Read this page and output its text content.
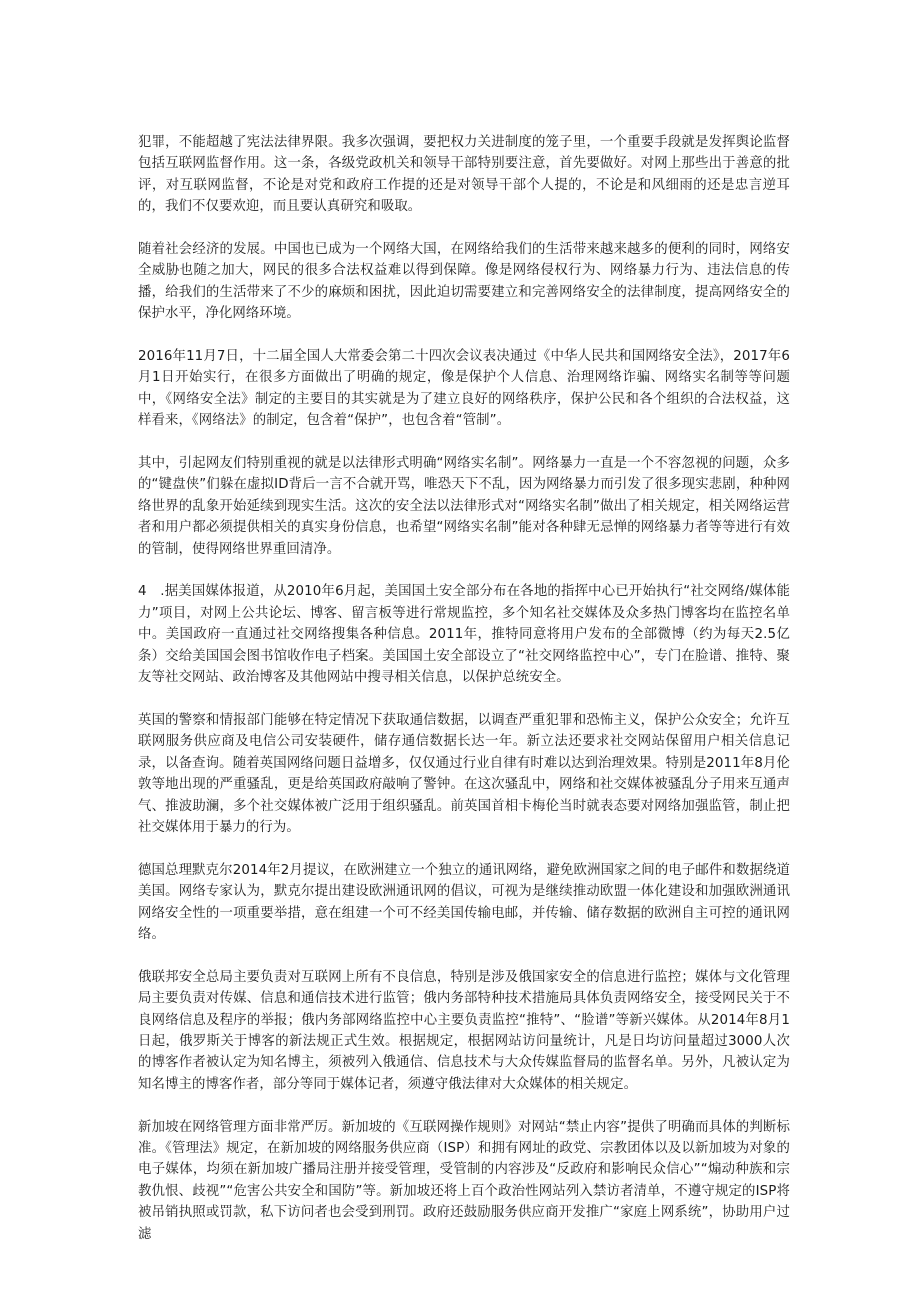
犯罪，不能超越了宪法法律界限。我多次强调，要把权力关进制度的笼子里，一个重要手段就是发挥舆论监督包括互联网监督作用。这一条，各级党政机关和领导干部特别要注意，首先要做好。对网上那些出于善意的批评，对互联网监督，不论是对党和政府工作提的还是对领导干部个人提的，不论是和风细雨的还是忠言逆耳的，我们不仅要欢迎，而且要认真研究和吸取。

随着社会经济的发展。中国也已成为一个网络大国，在网络给我们的生活带来越来越多的便利的同时，网络安全威胁也随之加大，网民的很多合法权益难以得到保障。像是网络侵权行为、网络暴力行为、违法信息的传播，给我们的生活带来了不少的麻烦和困扰，因此迫切需要建立和完善网络安全的法律制度，提高网络安全的保护水平，净化网络环境。

2016年11月7日，十二届全国人大常委会第二十四次会议表决通过《中华人民共和国网络安全法》，2017年6月1日开始实行，在很多方面做出了明确的规定，像是保护个人信息、治理网络诈骗、网络实名制等等问题中，《网络安全法》制定的主要目的其实就是为了建立良好的网络秩序，保护公民和各个组织的合法权益，这样看来，《网络法》的制定，包含着“保护”，也包含着“管制”。

其中，引起网友们特别重视的就是以法律形式明确“网络实名制”。网络暴力一直是一个不容忽视的问题，众多的“键盘侠”们躲在虚拟ID背后一言不合就开骂，唯恐天下不乱，因为网络暴力而引发了很多现实悲剧，种种网络世界的乱象开始延续到现实生活。这次的安全法以法律形式对“网络实名制”做出了相关规定，相关网络运营者和用户都必须提供相关的真实身份信息，也希望“网络实名制”能对各种肆无忌惮的网络暴力者等等进行有效的管制，使得网络世界重回清净。

4　.据美国媒体报道，从2010年6月起，美国国土安全部分布在各地的指挥中心已开始执行“社交网络/媒体能力”项目，对网上公共论坛、博客、留言板等进行常规监控，多个知名社交媒体及众多热门博客均在监控名单中。美国政府一直通过社交网络搜集各种信息。2011年，推特同意将用户发布的全部微博（约为每天2.5亿条）交给美国国会图书馆收作电子档案。美国国土安全部设立了“社交网络监控中心”，专门在脸谱、推特、聚友等社交网站、政治博客及其他网站中搜寻相关信息，以保护总统安全。

英国的警察和情报部门能够在特定情况下获取通信数据，以调查严重犯罪和恐怖主义，保护公众安全；允许互联网服务供应商及电信公司安装硬件，储存通信数据长达一年。新立法还要求社交网站保留用户相关信息记录，以备查询。随着英国网络问题日益增多，仅仅通过行业自律有时难以达到治理效果。特别是2011年8月伦敦等地出现的严重骚乱，更是给英国政府敲响了警钟。在这次骚乱中，网络和社交媒体被骚乱分子用来互通声气、推波助澜，多个社交媒体被广泛用于组织骚乱。前英国首相卡梅伦当时就表态要对网络加强监管，制止把社交媒体用于暴力的行为。

德国总理默克尔2014年2月提议，在欧洲建立一个独立的通讯网络，避免欧洲国家之间的电子邮件和数据绕道美国。网络专家认为，默克尔提出建设欧洲通讯网的倡议，可视为是继续推动欧盟一体化建设和加强欧洲通讯网络安全性的一项重要举措，意在组建一个可不经美国传输电邮，并传输、储存数据的欧洲自主可控的通讯网络。

俄联邦安全总局主要负责对互联网上所有不良信息，特别是涉及俄国家安全的信息进行监控；媒体与文化管理局主要负责对传媒、信息和通信技术进行监管；俄内务部特种技术措施局具体负责网络安全，接受网民关于不良网络信息及程序的举报；俄内务部网络监控中心主要负责监控“推特”、“脸谱”等新兴媒体。从2014年8月1日起，俄罗斯关于博客的新法规正式生效。根据规定，根据网站访问量统计，凡是日均访问量超过3000人次的博客作者被认定为知名博主，须被列入俄通信、信息技术与大众传媒监督局的监督名单。另外，凡被认定为知名博主的博客作者，部分等同于媒体记者，须遵守俄法律对大众媒体的相关规定。

新加坡在网络管理方面非常严厉。新加坡的《互联网操作规则》对网站“禁止内容”提供了明确而具体的判断标准。《管理法》规定，在新加坡的网络服务供应商（ISP）和拥有网址的政党、宗教团体以及以新加坡为对象的电子媒体，均须在新加坡广播局注册并接受管理，受管制的内容涉及“反政府和影响民众信心”“煽动种族和宗教仇恨、歧视”“危害公共安全和国防”等。新加坡还将上百个政治性网站列入禁访者清单，不遵守规定的ISP将被吊销执照或罚款，私下访问者也会受到刑罚。政府还鼓励服务供应商开发推广“家庭上网系统”，协助用户过滤
